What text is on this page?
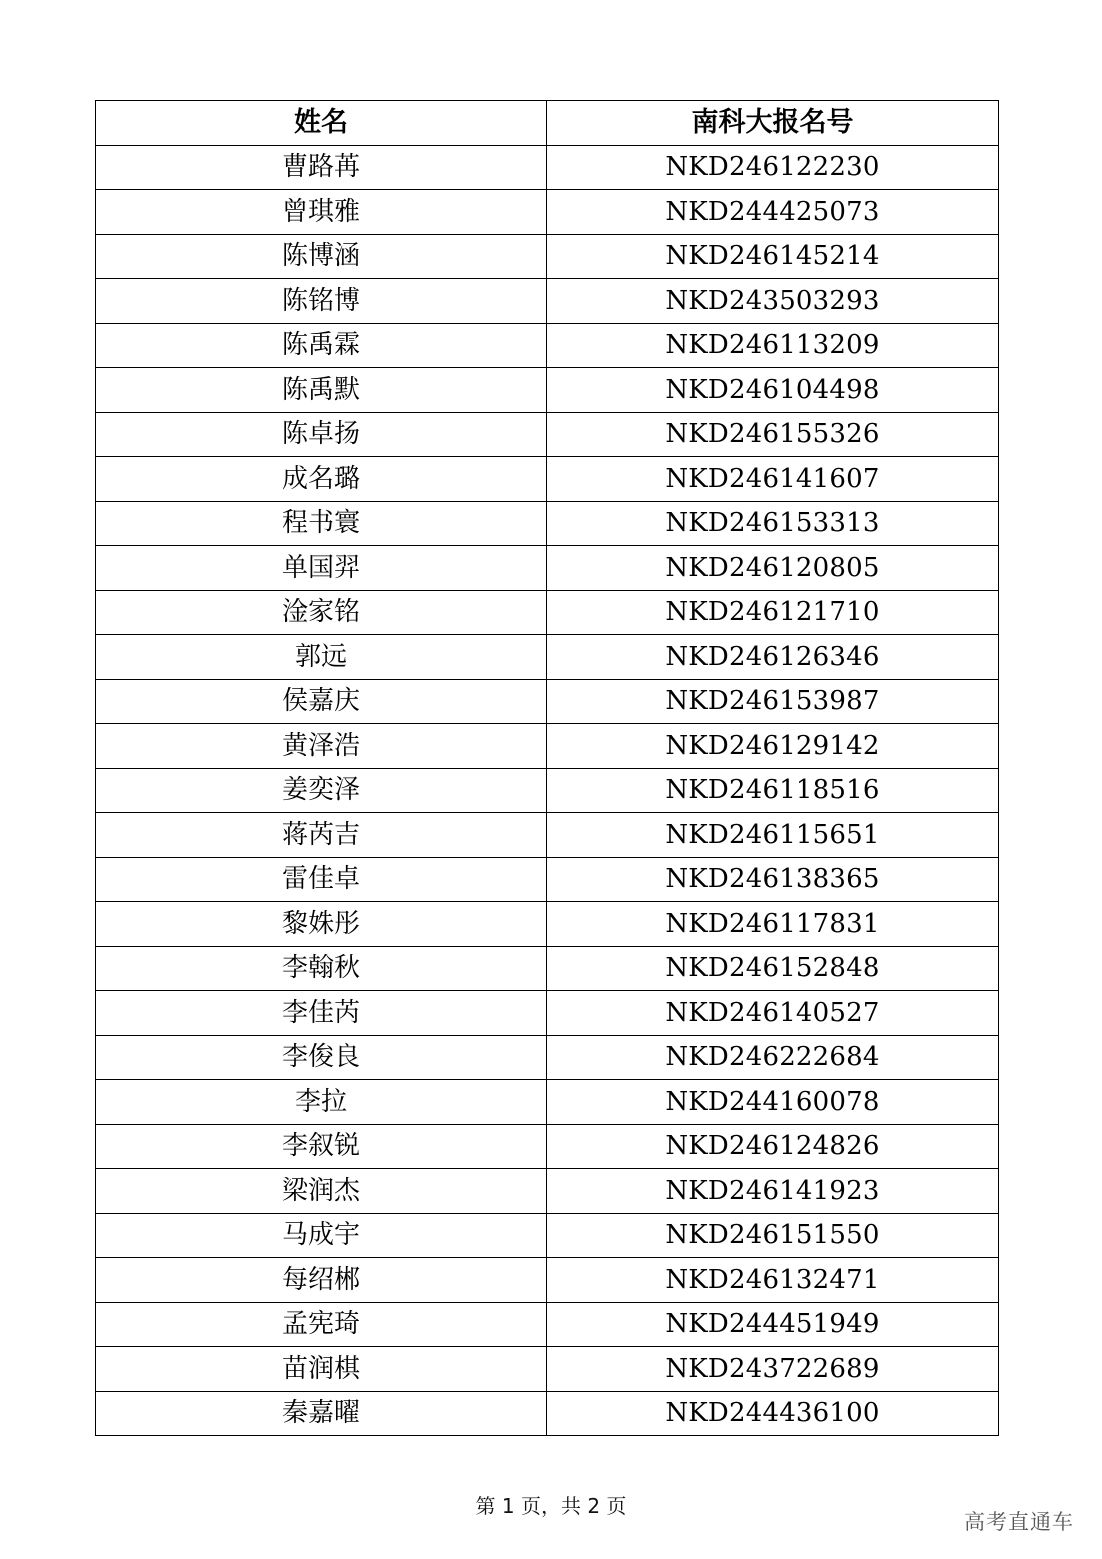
姓名	南科大报名号
曹路苒	NKD246122230
曾琪雅	NKD244425073
陈博涵	NKD246145214
陈铭博	NKD243503293
陈禹霖	NKD246113209
陈禹默	NKD246104498
陈卓扬	NKD246155326
成名璐	NKD246141607
程书寰	NKD246153313
单国羿	NKD246120805
淦家铭	NKD246121710
郭远	NKD246126346
侯嘉庆	NKD246153987
黄泽浩	NKD246129142
姜奕泽	NKD246118516
蒋芮吉	NKD246115651
雷佳卓	NKD246138365
黎姝彤	NKD246117831
李翰秋	NKD246152848
李佳芮	NKD246140527
李俊良	NKD246222684
李拉	NKD244160078
李叙锐	NKD246124826
梁润杰	NKD246141923
马成宇	NKD246151550
每绍郴	NKD246132471
孟宪琦	NKD244451949
苗润棋	NKD243722689
秦嘉曜	NKD244436100
第 1 页，共 2 页
高考直通车
